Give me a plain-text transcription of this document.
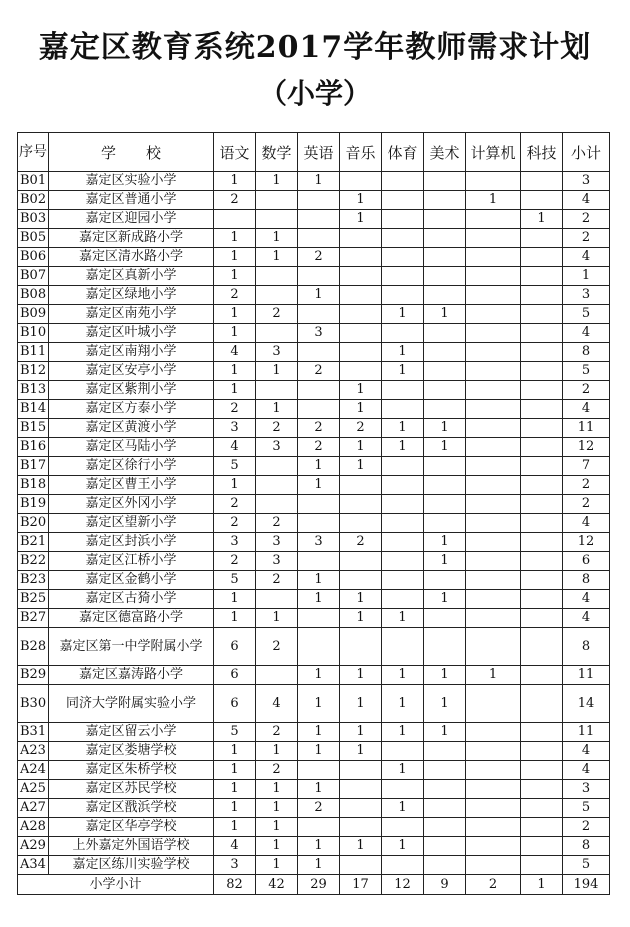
嘉定区教育系统2017学年教师需求计划
（小学）
序号	学　　校	语文	数学	英语	音乐	体育	美术	计算机	科技	小计
B01	嘉定区实验小学	1	1	1						3
B02	嘉定区普通小学	2			1			1		4
B03	嘉定区迎园小学				1				1	2
B05	嘉定区新成路小学	1	1							2
B06	嘉定区清水路小学	1	1	2						4
B07	嘉定区真新小学	1								1
B08	嘉定区绿地小学	2		1						3
B09	嘉定区南苑小学	1	2			1	1			5
B10	嘉定区叶城小学	1		3						4
B11	嘉定区南翔小学	4	3			1				8
B12	嘉定区安亭小学	1	1	2		1				5
B13	嘉定区紫荆小学	1			1					2
B14	嘉定区方泰小学	2	1		1					4
B15	嘉定区黄渡小学	3	2	2	2	1	1			11
B16	嘉定区马陆小学	4	3	2	1	1	1			12
B17	嘉定区徐行小学	5		1	1					7
B18	嘉定区曹王小学	1		1						2
B19	嘉定区外冈小学	2								2
B20	嘉定区望新小学	2	2							4
B21	嘉定区封浜小学	3	3	3	2		1			12
B22	嘉定区江桥小学	2	3				1			6
B23	嘉定区金鹤小学	5	2	1						8
B25	嘉定区古猗小学	1		1	1		1			4
B27	嘉定区德富路小学	1	1		1	1				4
B28	嘉定区第一中学附属小学	6	2							8
B29	嘉定区嘉涛路小学	6		1	1	1	1	1		11
B30	同济大学附属实验小学	6	4	1	1	1	1			14
B31	嘉定区留云小学	5	2	1	1	1	1			11
A23	嘉定区娄塘学校	1	1	1	1					4
A24	嘉定区朱桥学校	1	2			1				4
A25	嘉定区苏民学校	1	1	1						3
A27	嘉定区戬浜学校	1	1	2		1				5
A28	嘉定区华亭学校	1	1							2
A29	上外嘉定外国语学校	4	1	1	1	1				8
A34	嘉定区练川实验学校	3	1	1						5
小学小计		82	42	29	17	12	9	2	1	194
